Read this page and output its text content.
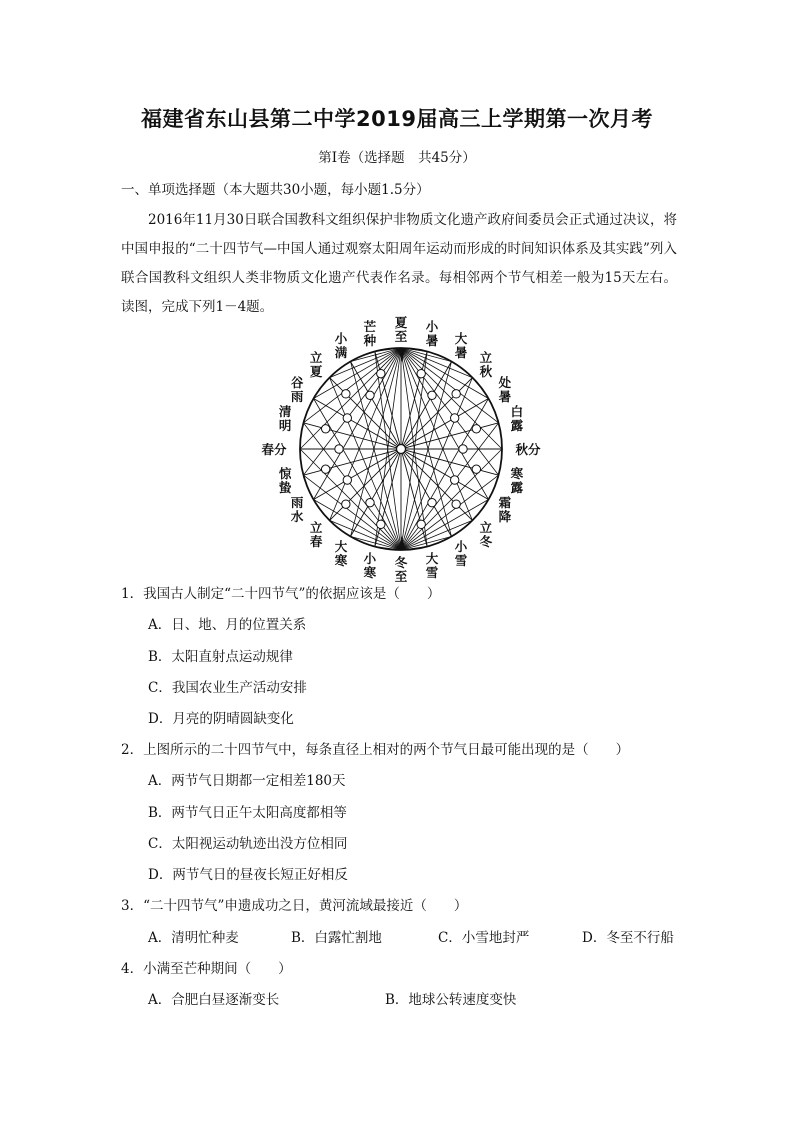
福建省东山县第二中学2019届高三上学期第一次月考
第Ⅰ卷（选择题　共45分）
一、单项选择题（本大题共30小题，每小题1.5分）
2016年11月30日联合国教科文组织保护非物质文化遗产政府间委员会正式通过决议，将中国申报的“二十四节气—中国人通过观察太阳周年运动而形成的时间知识体系及其实践”列入联合国教科文组织人类非物质文化遗产代表作名录。每相邻两个节气相差一般为15天左右。读图，完成下列1－4题。
夏
至
小
暑 大
暑 立
秋
处
暑
白
露
秋分
寒
露
霜
降
立
冬
小
雪
大
雪
冬
至
小
寒
大
寒
立
春
雨
水
惊
蛰
春分
清
明
谷
雨
立
夏
小
满
芒
种
1．我国古人制定“二十四节气”的依据应该是（　　）
A．日、地、月的位置关系
B．太阳直射点运动规律
C．我国农业生产活动安排
D．月亮的阴晴圆缺变化
2．上图所示的二十四节气中，每条直径上相对的两个节气日最可能出现的是（　　）
A．两节气日期都一定相差180天
B．两节气日正午太阳高度都相等
C．太阳视运动轨迹出没方位相同
D．两节气日的昼夜长短正好相反
3．“二十四节气”申遗成功之日，黄河流域最接近（　　）
A．清明忙种麦	B．白露忙割地	C．小雪地封严	D．冬至不行船
4．小满至芒种期间（　　）
A．合肥白昼逐渐变长	B．地球公转速度变快
